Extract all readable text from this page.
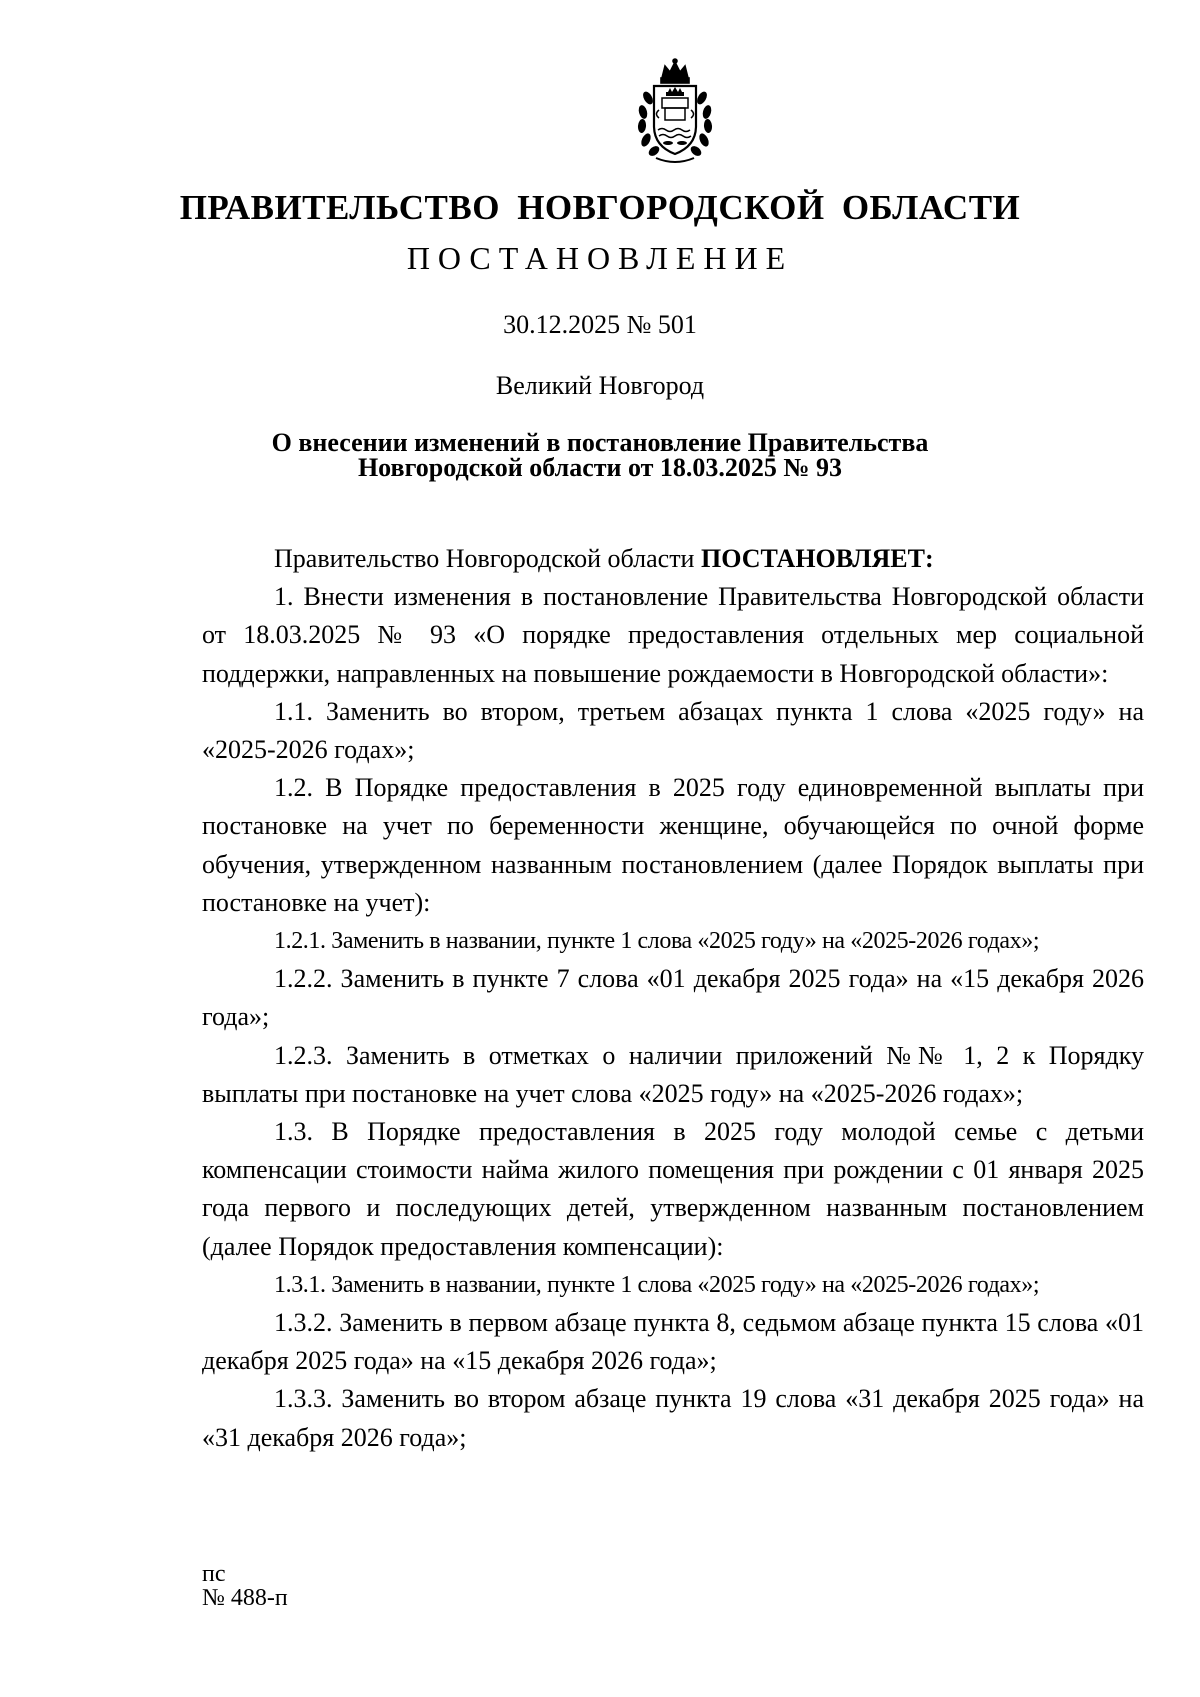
ПРАВИТЕЛЬСТВО НОВГОРОДСКОЙ ОБЛАСТИ
ПОСТАНОВЛЕНИЕ
30.12.2025 № 501
Великий Новгород
О внесении изменений в постановление Правительства
Новгородской области от 18.03.2025 № 93

Правительство Новгородской области ПОСТАНОВЛЯЕТ:

1. Внести изменения в постановление Правительства Новгородской области от 18.03.2025 № 93 «О порядке предоставления отдельных мер социальной поддержки, направленных на повышение рождаемости в Новгородской области»:

1.1. Заменить во втором, третьем абзацах пункта 1 слова «2025 году» на «2025-2026 годах»;

1.2. В Порядке предоставления в 2025 году единовременной выплаты при постановке на учет по беременности женщине, обучающейся по очной форме обучения, утвержденном названным постановлением (далее Порядок выплаты при постановке на учет):

1.2.1. Заменить в названии, пункте 1 слова «2025 году» на «2025-2026 годах»;

1.2.2. Заменить в пункте 7 слова «01 декабря 2025 года» на «15 декабря 2026 года»;

1.2.3. Заменить в отметках о наличии приложений №№ 1, 2 к Порядку выплаты при постановке на учет слова «2025 году» на «2025-2026 годах»;

1.3. В Порядке предоставления в 2025 году молодой семье с детьми компенсации стоимости найма жилого помещения при рождении с 01 января 2025 года первого и последующих детей, утвержденном названным постановлением (далее Порядок предоставления компенсации):

1.3.1. Заменить в названии, пункте 1 слова «2025 году» на «2025-2026 годах»;

1.3.2. Заменить в первом абзаце пункта 8, седьмом абзаце пункта 15 слова «01 декабря 2025 года» на «15 декабря 2026 года»;

1.3.3. Заменить во втором абзаце пункта 19 слова «31 декабря 2025 года» на «31 декабря 2026 года»;

пс
№ 488-п
